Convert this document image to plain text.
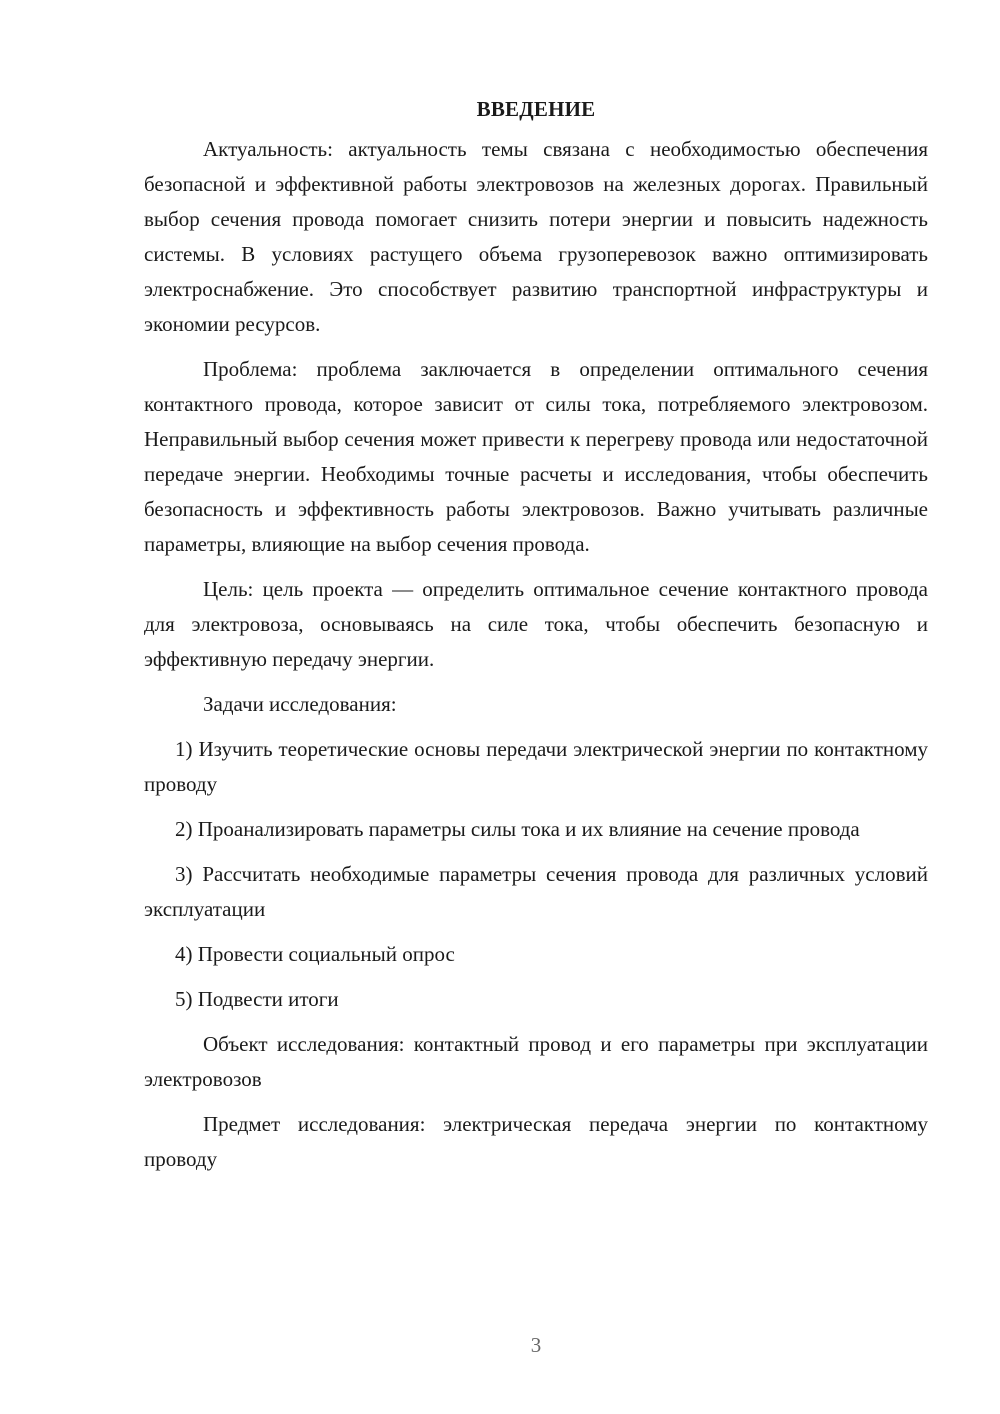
ВВЕДЕНИЕ

Актуальность: актуальность темы связана с необходимостью обеспечения безопасной и эффективной работы электровозов на железных дорогах. Правильный выбор сечения провода помогает снизить потери энергии и повысить надежность системы. В условиях растущего объема грузоперевозок важно оптимизировать электроснабжение. Это способствует развитию транспортной инфраструктуры и экономии ресурсов.

Проблема: проблема заключается в определении оптимального сечения контактного провода, которое зависит от силы тока, потребляемого электровозом. Неправильный выбор сечения может привести к перегреву провода или недостаточной передаче энергии. Необходимы точные расчеты и исследования, чтобы обеспечить безопасность и эффективность работы электровозов. Важно учитывать различные параметры, влияющие на выбор сечения провода.

Цель: цель проекта — определить оптимальное сечение контактного провода для электровоза, основываясь на силе тока, чтобы обеспечить безопасную и эффективную передачу энергии.

Задачи исследования:

1) Изучить теоретические основы передачи электрической энергии по контактному проводу

2) Проанализировать параметры силы тока и их влияние на сечение провода

3) Рассчитать необходимые параметры сечения провода для различных условий эксплуатации

4) Провести социальный опрос

5) Подвести итоги

Объект исследования: контактный провод и его параметры при эксплуатации электровозов

Предмет исследования: электрическая передача энергии по контактному проводу

3
